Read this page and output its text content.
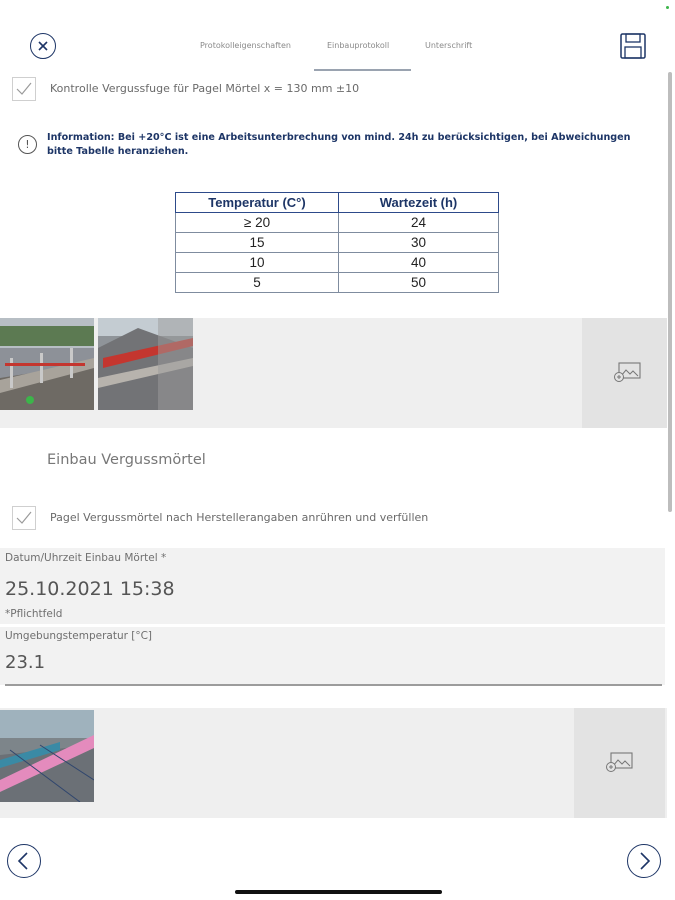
Protokolleigenschaften	Einbauprotokoll	Unterschrift
Kontrolle Vergussfuge für Pagel Mörtel x = 130 mm ±10
!
Information: Bei +20°C ist eine Arbeitsunterbrechung von mind. 24h zu berücksichtigen, bei Abweichungen bitte Tabelle heranziehen.
Temperatur (C°)	Wartezeit (h)
≥ 20	24
15	30
10	40
5	50
Einbau Vergussmörtel
Pagel Vergussmörtel nach Herstellerangaben anrühren und verfüllen
Datum/Uhrzeit Einbau Mörtel *
25.10.2021 15:38
*Pflichtfeld
Umgebungstemperatur [°C]
23.1
